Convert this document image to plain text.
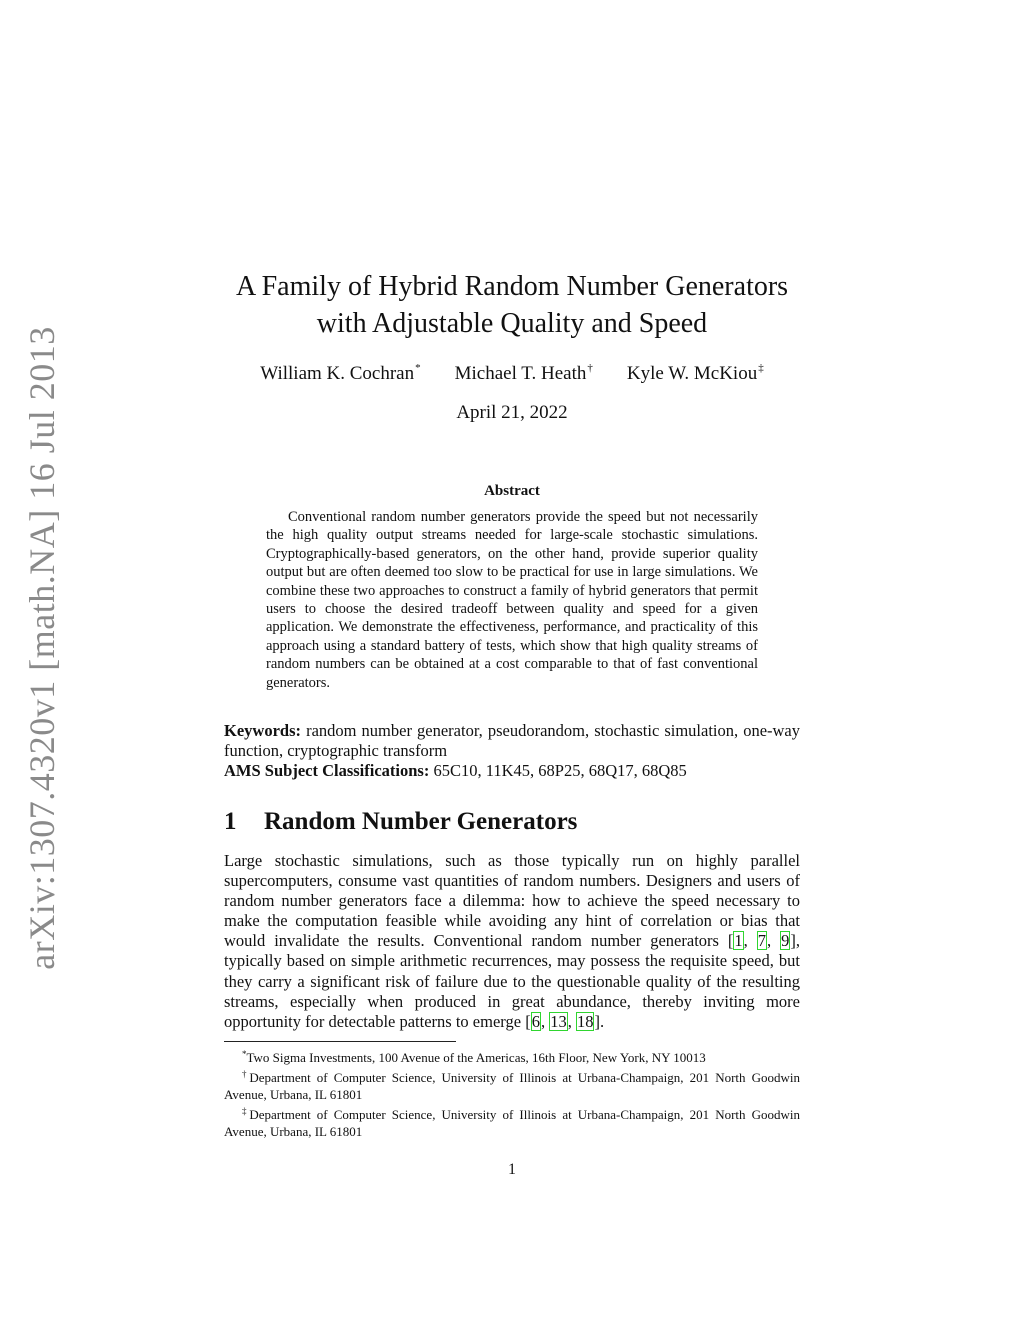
arXiv:1307.4320v1 [math.NA] 16 Jul 2013
A Family of Hybrid Random Number Generators
with Adjustable Quality and Speed
William K. Cochran* Michael T. Heath† Kyle W. McKiou‡
April 21, 2022
Abstract
Conventional random number generators provide the speed but not necessarily the high quality output streams needed for large-scale stochastic simulations. Cryptographically-based generators, on the other hand, provide superior quality output but are often deemed too slow to be practical for use in large simulations. We combine these two approaches to construct a family of hybrid generators that permit users to choose the desired tradeoff between quality and speed for a given application. We demonstrate the effectiveness, performance, and practicality of this approach using a standard battery of tests, which show that high quality streams of random numbers can be obtained at a cost comparable to that of fast conventional generators.
Keywords: random number generator, pseudorandom, stochastic simulation, one-way function, cryptographic transform
AMS Subject Classifications: 65C10, 11K45, 68P25, 68Q17, 68Q85
1 Random Number Generators
Large stochastic simulations, such as those typically run on highly parallel supercomputers, consume vast quantities of random numbers. Designers and users of random number generators face a dilemma: how to achieve the speed necessary to make the computation feasible while avoiding any hint of correlation or bias that would invalidate the results. Conventional random number generators [1, 7, 9], typically based on simple arithmetic recurrences, may possess the requisite speed, but they carry a significant risk of failure due to the questionable quality of the resulting streams, especially when produced in great abundance, thereby inviting more opportunity for detectable patterns to emerge [6, 13, 18].
*Two Sigma Investments, 100 Avenue of the Americas, 16th Floor, New York, NY 10013
†Department of Computer Science, University of Illinois at Urbana-Champaign, 201 North Goodwin Avenue, Urbana, IL 61801
‡Department of Computer Science, University of Illinois at Urbana-Champaign, 201 North Goodwin Avenue, Urbana, IL 61801
1
